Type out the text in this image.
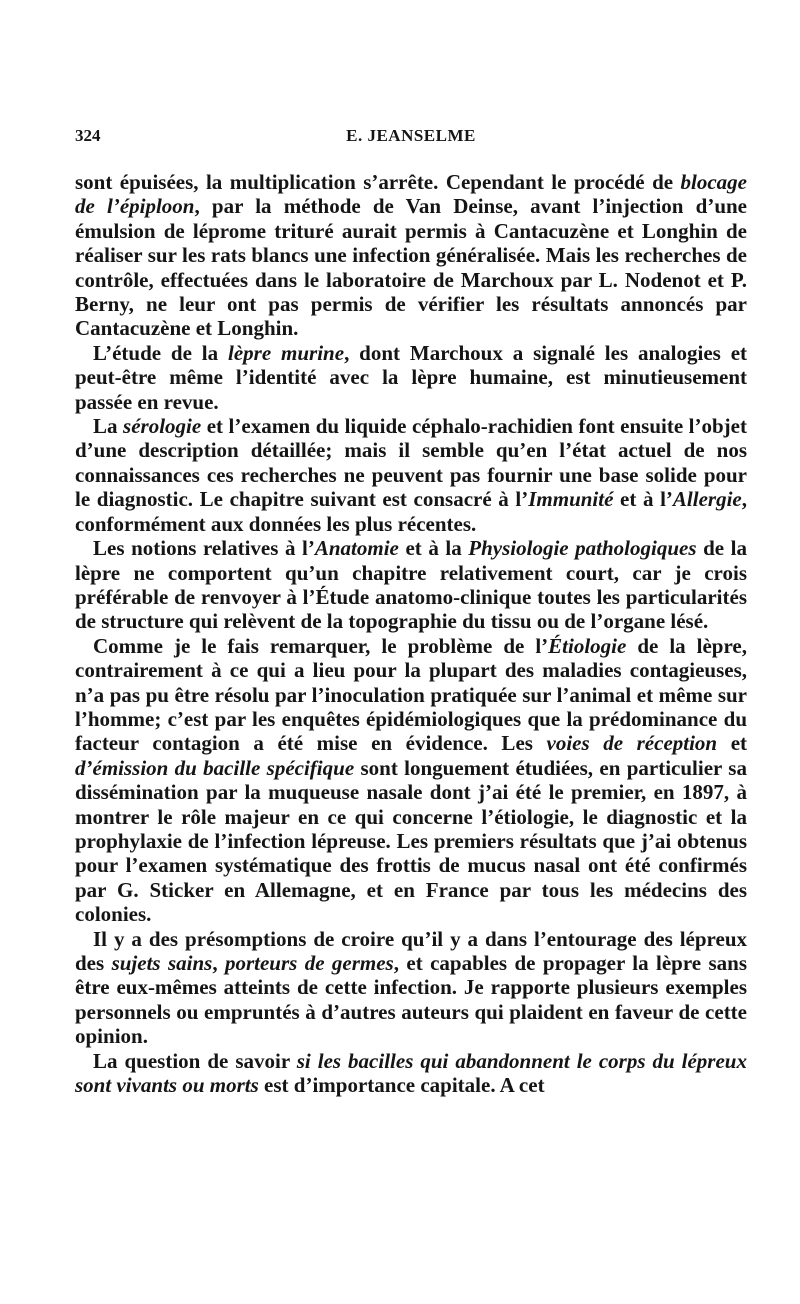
324	E. JEANSELME

sont épuisées, la multiplication s’arrête. Cependant le procédé de blocage de l’épiploon, par la méthode de Van Deinse, avant l’injection d’une émulsion de léprome trituré aurait permis à Cantacuzène et Longhin de réaliser sur les rats blancs une infection généralisée. Mais les recherches de contrôle, effectuées dans le laboratoire de Marchoux par L. Nodenot et P. Berny, ne leur ont pas permis de vérifier les résultats annoncés par Cantacuzène et Longhin.

L’étude de la lèpre murine, dont Marchoux a signalé les analogies et peut-être même l’identité avec la lèpre humaine, est minutieusement passée en revue.

La sérologie et l’examen du liquide céphalo-rachidien font ensuite l’objet d’une description détaillée; mais il semble qu’en l’état actuel de nos connaissances ces recherches ne peuvent pas fournir une base solide pour le diagnostic. Le chapitre suivant est consacré à l’Immunité et à l’Allergie, conformément aux données les plus récentes.

Les notions relatives à l’Anatomie et à la Physiologie pathologiques de la lèpre ne comportent qu’un chapitre relativement court, car je crois préférable de renvoyer à l’Étude anatomo-clinique toutes les particularités de structure qui relèvent de la topographie du tissu ou de l’organe lésé.

Comme je le fais remarquer, le problème de l’Étiologie de la lèpre, contrairement à ce qui a lieu pour la plupart des maladies contagieuses, n’a pas pu être résolu par l’inoculation pratiquée sur l’animal et même sur l’homme; c’est par les enquêtes épidémiologiques que la prédominance du facteur contagion a été mise en évidence. Les voies de réception et d’émission du bacille spécifique sont longuement étudiées, en particulier sa dissémination par la muqueuse nasale dont j’ai été le premier, en 1897, à montrer le rôle majeur en ce qui concerne l’étiologie, le diagnostic et la prophylaxie de l’infection lépreuse. Les premiers résultats que j’ai obtenus pour l’examen systématique des frottis de mucus nasal ont été confirmés par G. Sticker en Allemagne, et en France par tous les médecins des colonies.

Il y a des présomptions de croire qu’il y a dans l’entourage des lépreux des sujets sains, porteurs de germes, et capables de propager la lèpre sans être eux-mêmes atteints de cette infection. Je rapporte plusieurs exemples personnels ou empruntés à d’autres auteurs qui plaident en faveur de cette opinion.

La question de savoir si les bacilles qui abandonnent le corps du lépreux sont vivants ou morts est d’importance capitale. A cet
